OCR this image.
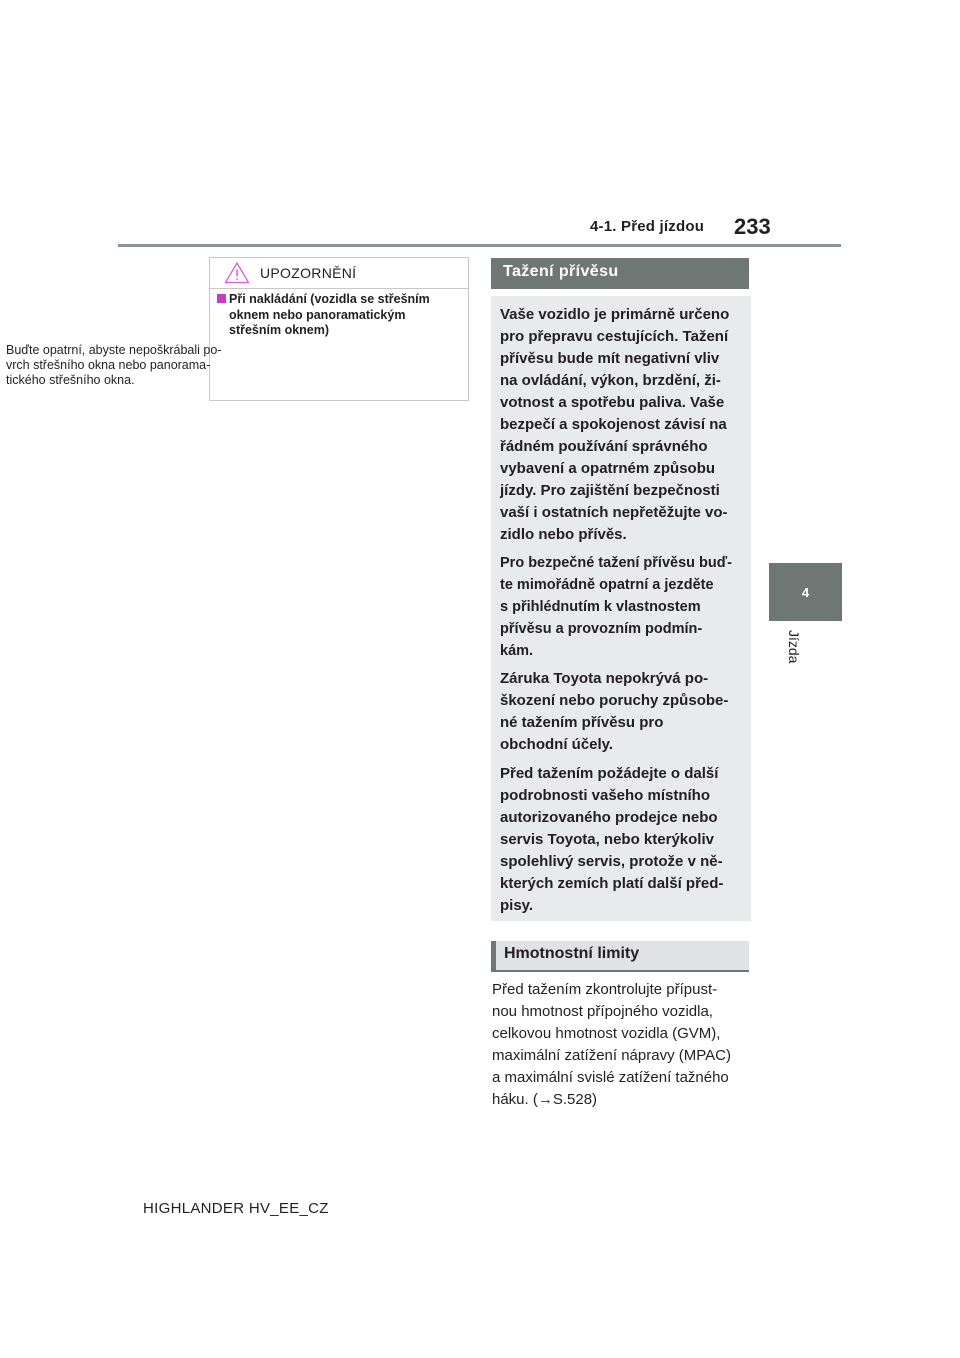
4-1. Před jízdou 233
4
Jízda
UPOZORNĚNÍ
Při nakládání (vozidla se střešním
oknem nebo panoramatickým
střešním oknem)
Buďte opatrní, abyste nepoškrábali po-
vrch střešního okna nebo panorama-
tického střešního okna.
Tažení přívěsu
Vaše vozidlo je primárně určeno
pro přepravu cestujících. Tažení
přívěsu bude mít negativní vliv
na ovládání, výkon, brzdění, ži-
votnost a spotřebu paliva. Vaše
bezpečí a spokojenost závisí na
řádném používání správného
vybavení a opatrném způsobu
jízdy. Pro zajištění bezpečnosti
vaší i ostatních nepřetěžujte vo-
zidlo nebo přívěs.
Pro bezpečné tažení přívěsu buď-
te mimořádně opatrní a jezděte
s přihlédnutím k vlastnostem
přívěsu a provozním podmín-
kám.
Záruka Toyota nepokrývá po-
škození nebo poruchy způsobe-
né tažením přívěsu pro
obchodní účely.
Před tažením požádejte o další
podrobnosti vašeho místního
autorizovaného prodejce nebo
servis Toyota, nebo kterýkoliv
spolehlivý servis, protože v ně-
kterých zemích platí další před-
pisy.
Hmotnostní limity
Před tažením zkontrolujte přípust-
nou hmotnost přípojného vozidla,
celkovou hmotnost vozidla (GVM),
maximální zatížení nápravy (MPAC)
a maximální svislé zatížení tažného
háku. (→S.528)
HIGHLANDER HV_EE_CZ
